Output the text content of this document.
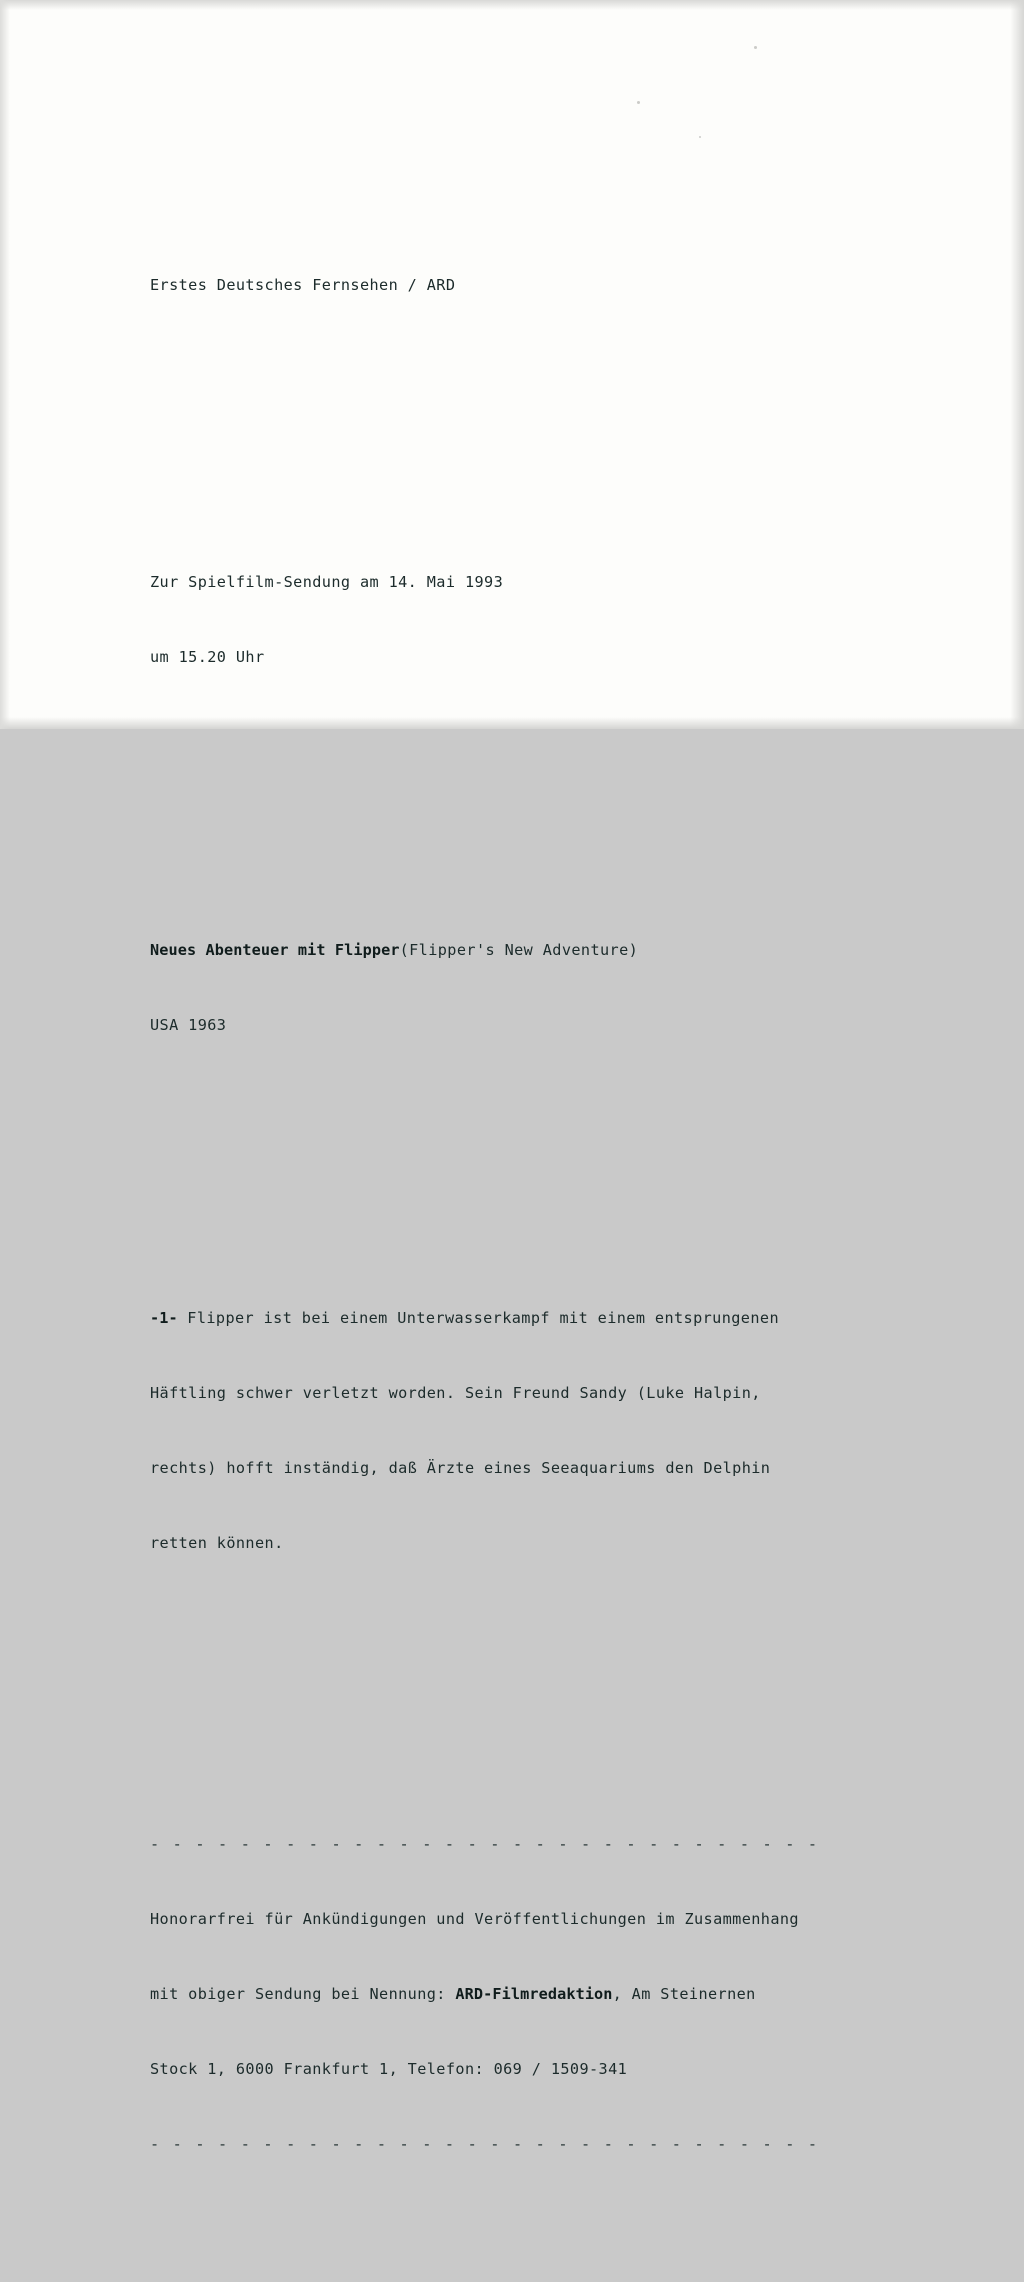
Erstes Deutsches Fernsehen / ARD

Zur Spielfilm-Sendung am 14. Mai 1993

um 15.20 Uhr

Neues Abenteuer mit Flipper(Flipper's New Adventure)

USA 1963

-1- Flipper ist bei einem Unterwasserkampf mit einem entsprungenen

Häftling schwer verletzt worden. Sein Freund Sandy (Luke Halpin,

rechts) hofft inständig, daß Ärzte eines Seeaquariums den Delphin

retten können.

- - - - - - - - - - - - - - - - - - - - - - - - - - - - - -

Honorarfrei für Ankündigungen und Veröffentlichungen im Zusammenhang

mit obiger Sendung bei Nennung: ARD-Filmredaktion, Am Steinernen

Stock 1, 6000 Frankfurt 1, Telefon: 069 / 1509-341

- - - - - - - - - - - - - - - - - - - - - - - - - - - - - -
